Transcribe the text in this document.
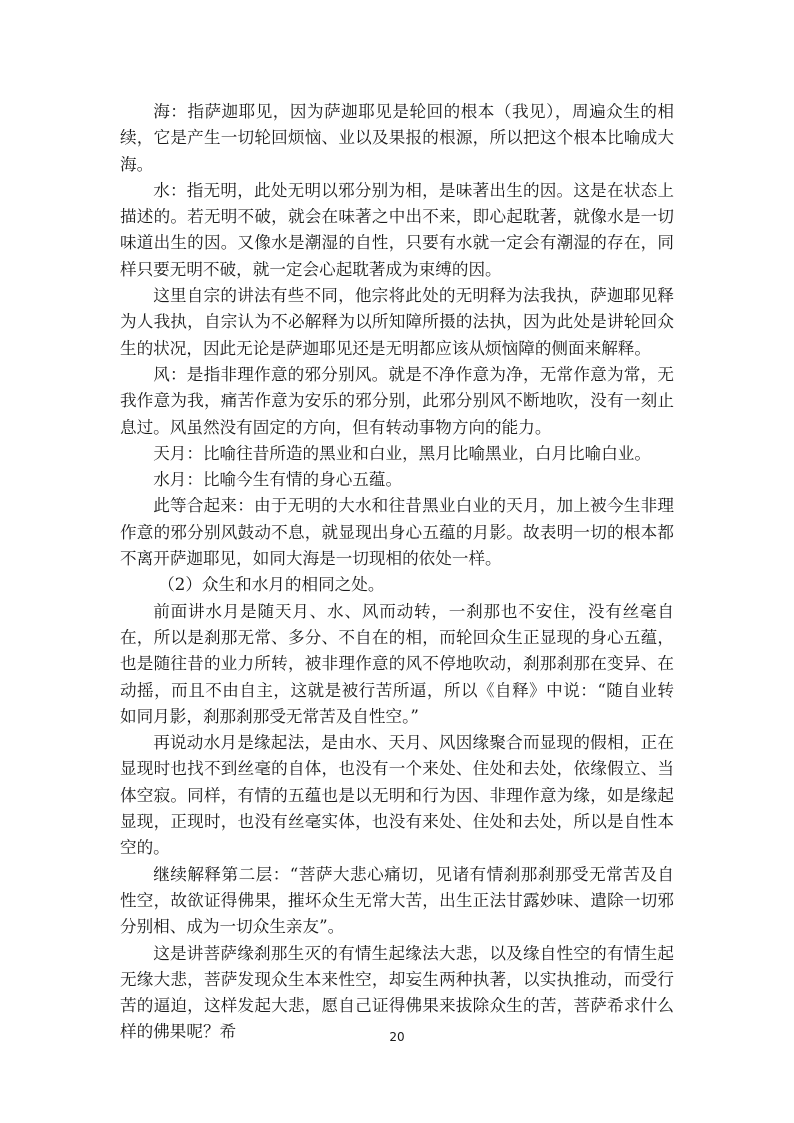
海：指萨迦耶见，因为萨迦耶见是轮回的根本（我见），周遍众生的相续，它是产生一切轮回烦恼、业以及果报的根源，所以把这个根本比喻成大海。

水：指无明，此处无明以邪分别为相，是味著出生的因。这是在状态上描述的。若无明不破，就会在味著之中出不来，即心起耽著，就像水是一切味道出生的因。又像水是潮湿的自性，只要有水就一定会有潮湿的存在，同样只要无明不破，就一定会心起耽著成为束缚的因。

这里自宗的讲法有些不同，他宗将此处的无明释为法我执，萨迦耶见释为人我执，自宗认为不必解释为以所知障所摄的法执，因为此处是讲轮回众生的状况，因此无论是萨迦耶见还是无明都应该从烦恼障的侧面来解释。

风：是指非理作意的邪分别风。就是不净作意为净，无常作意为常，无我作意为我，痛苦作意为安乐的邪分别，此邪分别风不断地吹，没有一刻止息过。风虽然没有固定的方向，但有转动事物方向的能力。

天月：比喻往昔所造的黑业和白业，黑月比喻黑业，白月比喻白业。

水月：比喻今生有情的身心五蕴。

此等合起来：由于无明的大水和往昔黑业白业的天月，加上被今生非理作意的邪分别风鼓动不息，就显现出身心五蕴的月影。故表明一切的根本都不离开萨迦耶见，如同大海是一切现相的依处一样。

（2）众生和水月的相同之处。

前面讲水月是随天月、水、风而动转，一刹那也不安住，没有丝毫自在，所以是刹那无常、多分、不自在的相，而轮回众生正显现的身心五蕴，也是随往昔的业力所转，被非理作意的风不停地吹动，刹那刹那在变异、在动摇，而且不由自主，这就是被行苦所逼，所以《自释》中说：“随自业转如同月影，刹那刹那受无常苦及自性空。”

再说动水月是缘起法，是由水、天月、风因缘聚合而显现的假相，正在显现时也找不到丝毫的自体，也没有一个来处、住处和去处，依缘假立、当体空寂。同样，有情的五蕴也是以无明和行为因、非理作意为缘，如是缘起显现，正现时，也没有丝毫实体，也没有来处、住处和去处，所以是自性本空的。

继续解释第二层：“菩萨大悲心痛切，见诸有情刹那刹那受无常苦及自性空，故欲证得佛果，摧坏众生无常大苦，出生正法甘露妙味、遣除一切邪分别相、成为一切众生亲友”。

这是讲菩萨缘刹那生灭的有情生起缘法大悲，以及缘自性空的有情生起无缘大悲，菩萨发现众生本来性空，却妄生两种执著，以实执推动，而受行苦的逼迫，这样发起大悲，愿自己证得佛果来拔除众生的苦，菩萨希求什么样的佛果呢？希	20
